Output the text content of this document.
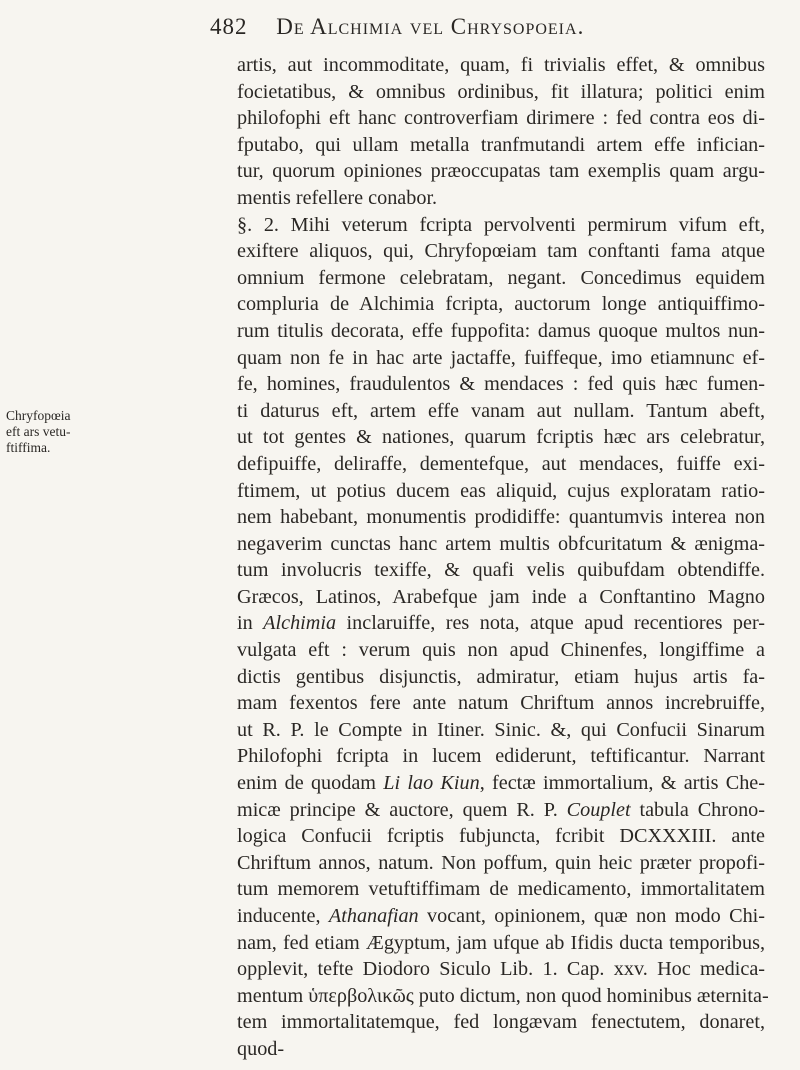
482 De Alchimia vel Chrysopoeia.
Chryfopœia
eft ars vetu-
ftiffima.
artis, aut incommoditate, quam, fi trivialis effet, & omnibus
focietatibus, & omnibus ordinibus, fit illatura; politici enim
philofophi eft hanc controverfiam dirimere : fed contra eos di-
fputabo, qui ullam metalla tranfmutandi artem effe infician-
tur, quorum opiniones præoccupatas tam exemplis quam argu-
mentis refellere conabor.
§. 2. Mihi veterum fcripta pervolventi permirum vifum eft,
exiftere aliquos, qui, Chryfopœiam tam conftanti fama atque
omnium fermone celebratam, negant. Concedimus equidem
compluria de Alchimia fcripta, auctorum longe antiquiffimo-
rum titulis decorata, effe fuppofita: damus quoque multos nun-
quam non fe in hac arte jactaffe, fuiffeque, imo etiamnunc ef-
fe, homines, fraudulentos & mendaces : fed quis hæc fumen-
ti daturus eft, artem effe vanam aut nullam. Tantum abeft,
ut tot gentes & nationes, quarum fcriptis hæc ars celebratur,
defipuiffe, deliraffe, dementefque, aut mendaces, fuiffe exi-
ftimem, ut potius ducem eas aliquid, cujus exploratam ratio-
nem habebant, monumentis prodidiffe: quantumvis interea non
negaverim cunctas hanc artem multis obfcuritatum & ænigma-
tum involucris texiffe, & quafi velis quibufdam obtendiffe.
Græcos, Latinos, Arabefque jam inde a Conftantino Magno
in Alchimia inclaruiffe, res nota, atque apud recentiores per-
vulgata eft : verum quis non apud Chinenfes, longiffime a
dictis gentibus disjunctis, admiratur, etiam hujus artis fa-
mam fexentos fere ante natum Chriftum annos increbruiffe,
ut R. P. le Compte in Itiner. Sinic. &, qui Confucii Sinarum
Philofophi fcripta in lucem ediderunt, teftificantur. Narrant
enim de quodam Li lao Kiun, fectæ immortalium, & artis Che-
micæ principe & auctore, quem R. P. Couplet tabula Chrono-
logica Confucii fcriptis fubjuncta, fcribit DCXXXIII. ante
Chriftum annos, natum. Non poffum, quin heic præter propofi-
tum memorem vetuftiffimam de medicamento, immortalitatem
inducente, Athanafian vocant, opinionem, quæ non modo Chi-
nam, fed etiam Ægyptum, jam ufque ab Ifidis ducta temporibus,
opplevit, tefte Diodoro Siculo Lib. 1. Cap. xxv. Hoc medica-
mentum ὑπερβολικῶς puto dictum, non quod hominibus æternita-
tem immortalitatemque, fed longævam fenectutem, donaret,
quod-
